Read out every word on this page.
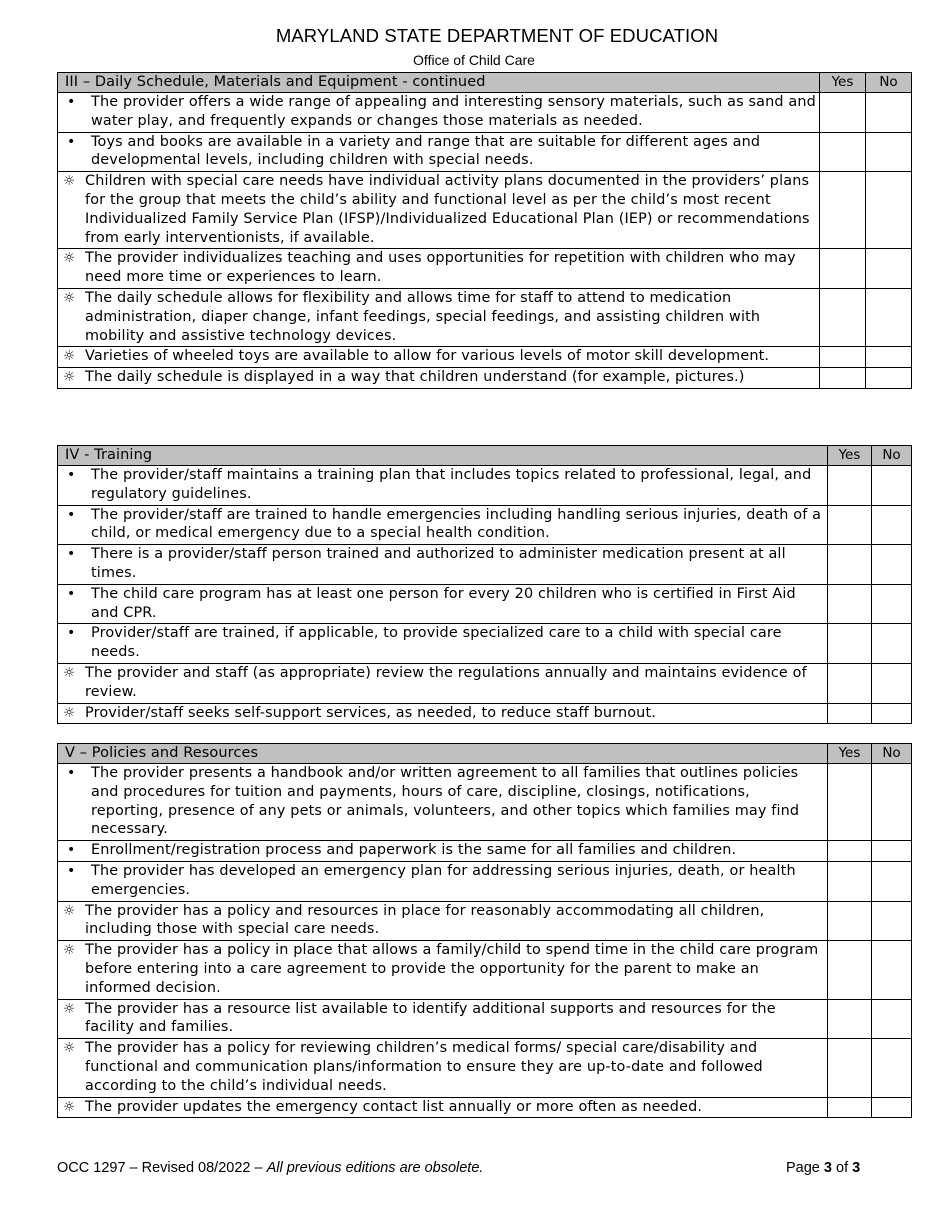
MARYLAND STATE DEPARTMENT OF EDUCATION
Office of Child Care
III – Daily Schedule, Materials and Equipment - continued	Yes	No

• The provider offers a wide range of appealing and interesting sensory materials, such as sand and water play, and frequently expands or changes those materials as needed.		

• Toys and books are available in a variety and range that are suitable for different ages and developmental levels, including children with special needs.		

☼ Children with special care needs have individual activity plans documented in the providers’ plans for the group that meets the child’s ability and functional level as per the child’s most recent Individualized Family Service Plan (IFSP)/Individualized Educational Plan (IEP) or recommendations from early interventionists, if available.		

☼ The provider individualizes teaching and uses opportunities for repetition with children who may need more time or experiences to learn.		

☼ The daily schedule allows for flexibility and allows time for staff to attend to medication administration, diaper change, infant feedings, special feedings, and assisting children with mobility and assistive technology devices.		

☼ Varieties of wheeled toys are available to allow for various levels of motor skill development.		

☼ The daily schedule is displayed in a way that children understand (for example, pictures.)		

IV - Training	Yes	No

• The provider/staff maintains a training plan that includes topics related to professional, legal, and regulatory guidelines.		

• The provider/staff are trained to handle emergencies including handling serious injuries, death of a child, or medical emergency due to a special health condition.		

• There is a provider/staff person trained and authorized to administer medication present at all times.		

• The child care program has at least one person for every 20 children who is certified in First Aid and CPR.		

• Provider/staff are trained, if applicable, to provide specialized care to a child with special care needs.		

☼ The provider and staff (as appropriate) review the regulations annually and maintains evidence of review.		

☼ Provider/staff seeks self-support services, as needed, to reduce staff burnout.		

V – Policies and Resources	Yes	No

• The provider presents a handbook and/or written agreement to all families that outlines policies and procedures for tuition and payments, hours of care, discipline, closings, notifications, reporting, presence of any pets or animals, volunteers, and other topics which families may find necessary.		

• Enrollment/registration process and paperwork is the same for all families and children.		

• The provider has developed an emergency plan for addressing serious injuries, death, or health emergencies.		

☼ The provider has a policy and resources in place for reasonably accommodating all children, including those with special care needs.		

☼ The provider has a policy in place that allows a family/child to spend time in the child care program before entering into a care agreement to provide the opportunity for the parent to make an informed decision.		

☼ The provider has a resource list available to identify additional supports and resources for the facility and families.		

☼ The provider has a policy for reviewing children’s medical forms/ special care/disability and functional and communication plans/information to ensure they are up-to-date and followed according to the child’s individual needs.		

☼ The provider updates the emergency contact list annually or more often as needed.		

OCC 1297 – Revised 08/2022 – All previous editions are obsolete.	Page 3 of 3
